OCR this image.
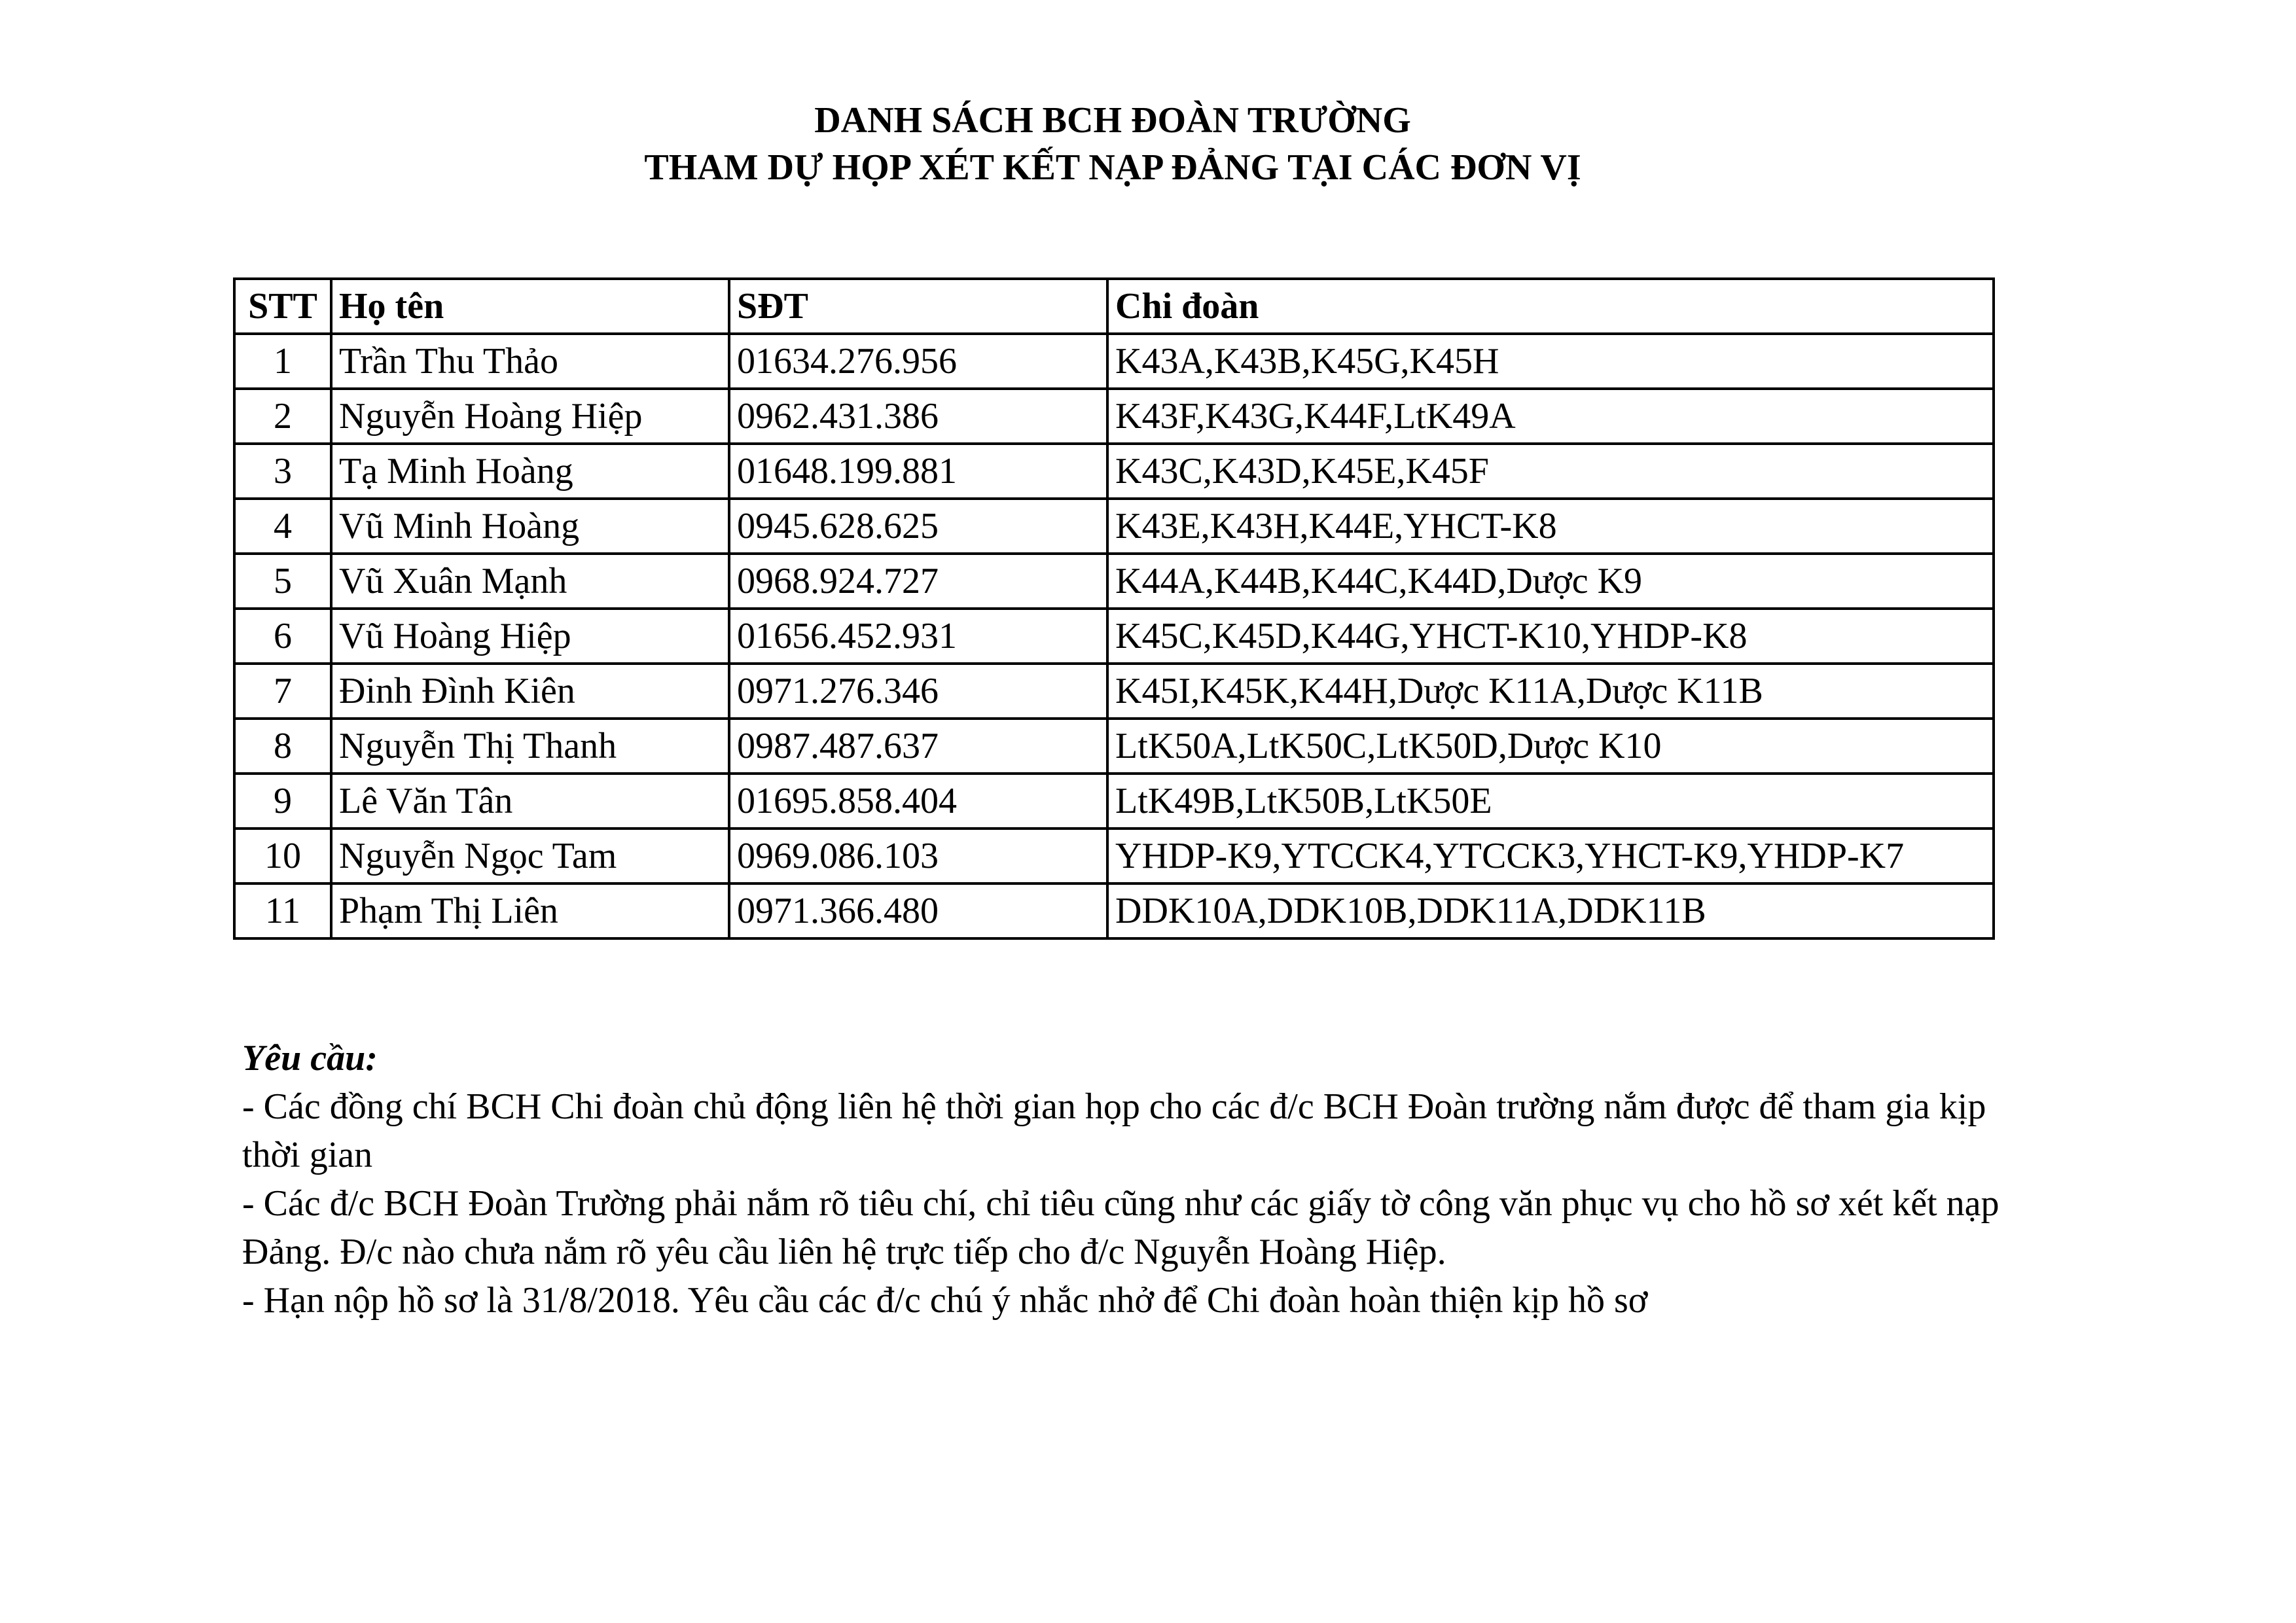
DANH SÁCH BCH ĐOÀN TRƯỜNG
THAM DỰ HỌP XÉT KẾT NẠP ĐẢNG TẠI CÁC ĐƠN VỊ
STT	Họ tên	SĐT	Chi đoàn
1	Trần Thu Thảo	01634.276.956	K43A,K43B,K45G,K45H
2	Nguyễn Hoàng Hiệp	0962.431.386	K43F,K43G,K44F,LtK49A
3	Tạ Minh Hoàng	01648.199.881	K43C,K43D,K45E,K45F
4	Vũ Minh Hoàng	0945.628.625	K43E,K43H,K44E,YHCT-K8
5	Vũ Xuân Mạnh	0968.924.727	K44A,K44B,K44C,K44D,Dược K9
6	Vũ Hoàng Hiệp	01656.452.931	K45C,K45D,K44G,YHCT-K10,YHDP-K8
7	Đinh Đình Kiên	0971.276.346	K45I,K45K,K44H,Dược K11A,Dược K11B
8	Nguyễn Thị Thanh	0987.487.637	LtK50A,LtK50C,LtK50D,Dược K10
9	Lê Văn Tân	01695.858.404	LtK49B,LtK50B,LtK50E
10	Nguyễn Ngọc Tam	0969.086.103	YHDP-K9,YTCCK4,YTCCK3,YHCT-K9,YHDP-K7
11	Phạm Thị Liên	0971.366.480	DDK10A,DDK10B,DDK11A,DDK11B

Yêu cầu:

- Các đồng chí BCH Chi đoàn chủ động liên hệ thời gian họp cho các đ/c BCH Đoàn trường nắm được để tham gia kịp thời gian

- Các đ/c BCH Đoàn Trường phải nắm rõ tiêu chí, chỉ tiêu cũng như các giấy tờ công văn phục vụ cho hồ sơ xét kết nạp Đảng. Đ/c nào chưa nắm rõ yêu cầu liên hệ trực tiếp cho đ/c Nguyễn Hoàng Hiệp.

- Hạn nộp hồ sơ là 31/8/2018. Yêu cầu các đ/c chú ý nhắc nhở để Chi đoàn hoàn thiện kịp hồ sơ
